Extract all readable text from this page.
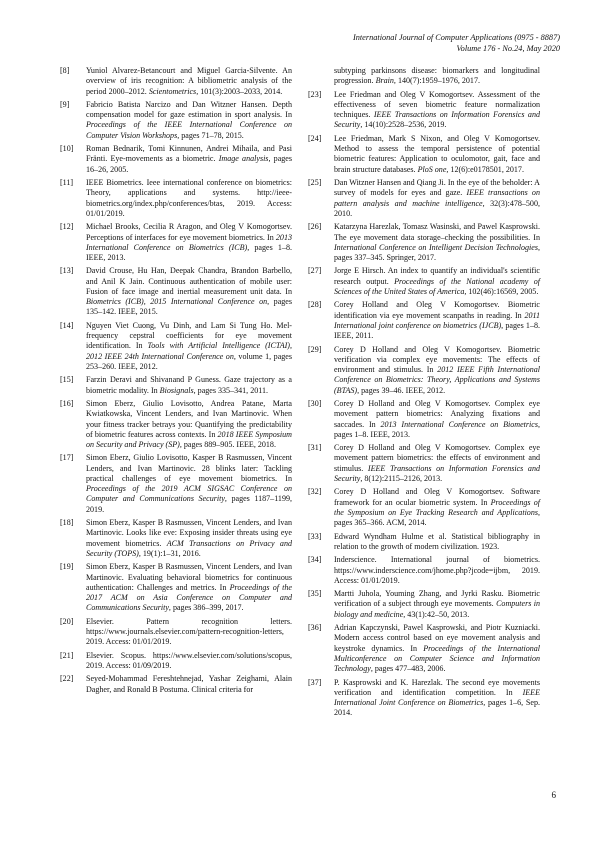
International Journal of Computer Applications (0975 - 8887)
Volume 176 - No.24, May 2020
[8]	Yuniol Alvarez-Betancourt and Miguel Garcia-Silvente. An overview of iris recognition: A bibliometric analysis of the period 2000–2012. Scientometrics, 101(3):2003–2033, 2014.
[9]	Fabricio Batista Narcizo and Dan Witzner Hansen. Depth compensation model for gaze estimation in sport analysis. In Proceedings of the IEEE International Conference on Computer Vision Workshops, pages 71–78, 2015.
[10]	Roman Bednarik, Tomi Kinnunen, Andrei Mihaila, and Pasi Fränti. Eye-movements as a biometric. Image analysis, pages 16–26, 2005.
[11]	IEEE Biometrics. Ieee international conference on biometrics: Theory, applications and systems. http://ieee-biometrics.org/index.php/conferences/btas, 2019. Access: 01/01/2019.
[12]	Michael Brooks, Cecilia R Aragon, and Oleg V Komogortsev. Perceptions of interfaces for eye movement biometrics. In 2013 International Conference on Biometrics (ICB), pages 1–8. IEEE, 2013.
[13]	David Crouse, Hu Han, Deepak Chandra, Brandon Barbello, and Anil K Jain. Continuous authentication of mobile user: Fusion of face image and inertial measurement unit data. In Biometrics (ICB), 2015 International Conference on, pages 135–142. IEEE, 2015.
[14]	Nguyen Viet Cuong, Vu Dinh, and Lam Si Tung Ho. Mel-frequency cepstral coefficients for eye movement identification. In Tools with Artificial Intelligence (ICTAI), 2012 IEEE 24th International Conference on, volume 1, pages 253–260. IEEE, 2012.
[15]	Farzin Deravi and Shivanand P Guness. Gaze trajectory as a biometric modality. In Biosignals, pages 335–341, 2011.
[16]	Simon Eberz, Giulio Lovisotto, Andrea Patane, Marta Kwiatkowska, Vincent Lenders, and Ivan Martinovic. When your fitness tracker betrays you: Quantifying the predictability of biometric features across contexts. In 2018 IEEE Symposium on Security and Privacy (SP), pages 889–905. IEEE, 2018.
[17]	Simon Eberz, Giulio Lovisotto, Kasper B Rasmussen, Vincent Lenders, and Ivan Martinovic. 28 blinks later: Tackling practical challenges of eye movement biometrics. In Proceedings of the 2019 ACM SIGSAC Conference on Computer and Communications Security, pages 1187–1199, 2019.
[18]	Simon Eberz, Kasper B Rasmussen, Vincent Lenders, and Ivan Martinovic. Looks like eve: Exposing insider threats using eye movement biometrics. ACM Transactions on Privacy and Security (TOPS), 19(1):1–31, 2016.
[19]	Simon Eberz, Kasper B Rasmussen, Vincent Lenders, and Ivan Martinovic. Evaluating behavioral biometrics for continuous authentication: Challenges and metrics. In Proceedings of the 2017 ACM on Asia Conference on Computer and Communications Security, pages 386–399, 2017.
[20]	Elsevier. Pattern recognition letters. https://www.journals.elsevier.com/pattern-recognition-letters, 2019. Access: 01/01/2019.
[21]	Elsevier. Scopus. https://www.elsevier.com/solutions/scopus, 2019. Access: 01/09/2019.
[22]	Seyed-Mohammad Fereshtehnejad, Yashar Zeighami, Alain Dagher, and Ronald B Postuma. Clinical criteria for
subtyping parkinsons disease: biomarkers and longitudinal progression. Brain, 140(7):1959–1976, 2017.
[23]	Lee Friedman and Oleg V Komogortsev. Assessment of the effectiveness of seven biometric feature normalization techniques. IEEE Transactions on Information Forensics and Security, 14(10):2528–2536, 2019.
[24]	Lee Friedman, Mark S Nixon, and Oleg V Komogortsev. Method to assess the temporal persistence of potential biometric features: Application to oculomotor, gait, face and brain structure databases. PloS one, 12(6):e0178501, 2017.
[25]	Dan Witzner Hansen and Qiang Ji. In the eye of the beholder: A survey of models for eyes and gaze. IEEE transactions on pattern analysis and machine intelligence, 32(3):478–500, 2010.
[26]	Katarzyna Harezlak, Tomasz Wasinski, and Pawel Kasprowski. The eye movement data storage–checking the possibilities. In International Conference on Intelligent Decision Technologies, pages 337–345. Springer, 2017.
[27]	Jorge E Hirsch. An index to quantify an individual's scientific research output. Proceedings of the National academy of Sciences of the United States of America, 102(46):16569, 2005.
[28]	Corey Holland and Oleg V Komogortsev. Biometric identification via eye movement scanpaths in reading. In 2011 International joint conference on biometrics (IJCB), pages 1–8. IEEE, 2011.
[29]	Corey D Holland and Oleg V Komogortsev. Biometric verification via complex eye movements: The effects of environment and stimulus. In 2012 IEEE Fifth International Conference on Biometrics: Theory, Applications and Systems (BTAS), pages 39–46. IEEE, 2012.
[30]	Corey D Holland and Oleg V Komogortsev. Complex eye movement pattern biometrics: Analyzing fixations and saccades. In 2013 International Conference on Biometrics, pages 1–8. IEEE, 2013.
[31]	Corey D Holland and Oleg V Komogortsev. Complex eye movement pattern biometrics: the effects of environment and stimulus. IEEE Transactions on Information Forensics and Security, 8(12):2115–2126, 2013.
[32]	Corey D Holland and Oleg V Komogortsev. Software framework for an ocular biometric system. In Proceedings of the Symposium on Eye Tracking Research and Applications, pages 365–366. ACM, 2014.
[33]	Edward Wyndham Hulme et al. Statistical bibliography in relation to the growth of modern civilization. 1923.
[34]	Inderscience. International journal of biometrics. https://www.inderscience.com/jhome.php?jcode=ijbm, 2019. Access: 01/01/2019.
[35]	Martti Juhola, Youming Zhang, and Jyrki Rasku. Biometric verification of a subject through eye movements. Computers in biology and medicine, 43(1):42–50, 2013.
[36]	Adrian Kapczynski, Pawel Kasprowski, and Piotr Kuzniacki. Modern access control based on eye movement analysis and keystroke dynamics. In Proceedings of the International Multiconference on Computer Science and Information Technology, pages 477–483, 2006.
[37]	P. Kasprowski and K. Harezlak. The second eye movements verification and identification competition. In IEEE International Joint Conference on Biometrics, pages 1–6, Sep. 2014.
6
